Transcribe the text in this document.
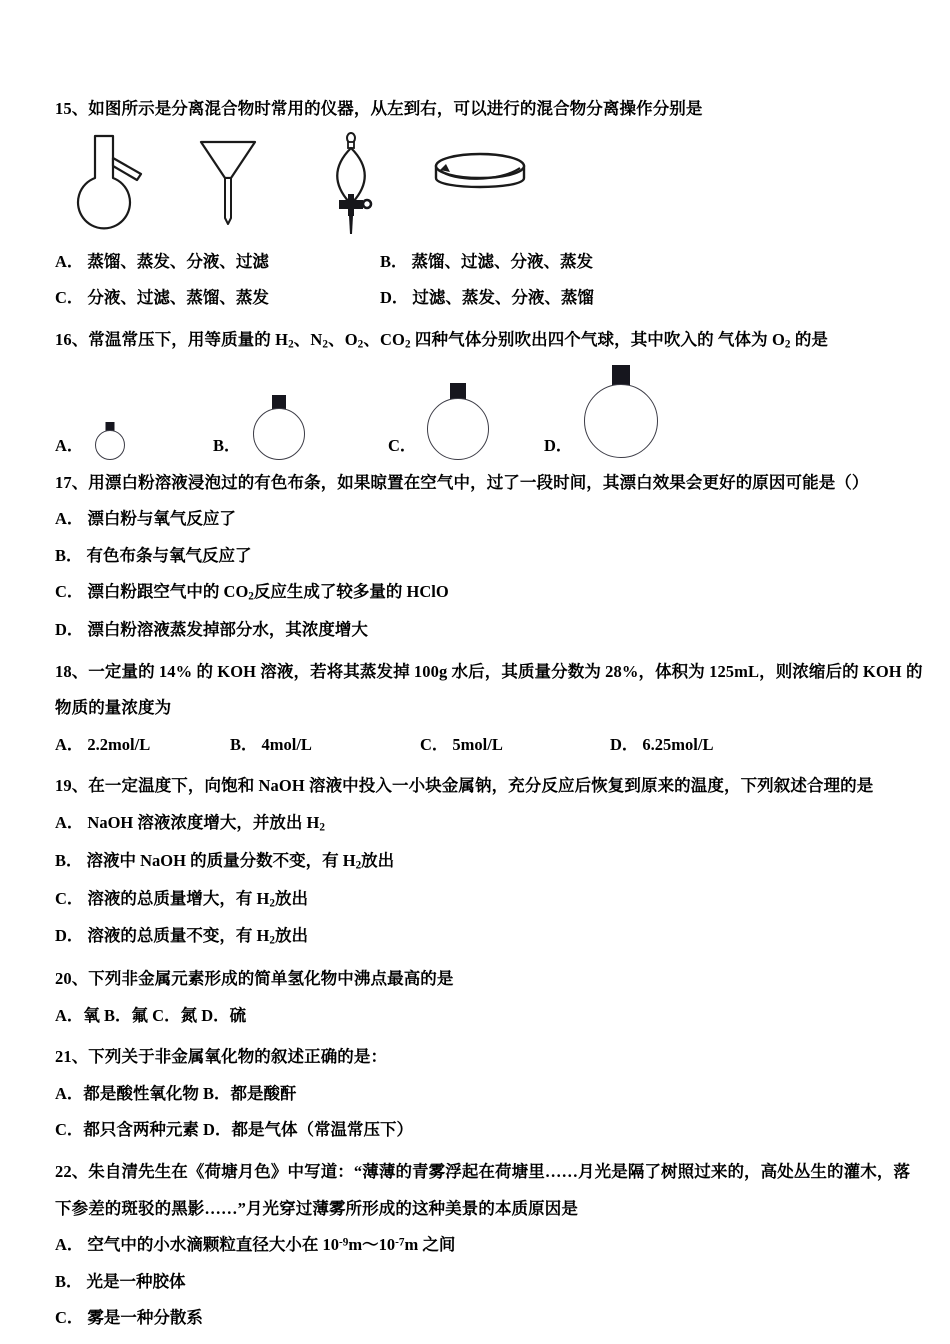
15、如图所示是分离混合物时常用的仪器，从左到右，可以进行的混合物分离操作分别是
A． 蒸馏、蒸发、分液、过滤	B． 蒸馏、过滤、分液、蒸发
C． 分液、过滤、蒸馏、蒸发	D． 过滤、蒸发、分液、蒸馏
16、常温常压下，用等质量的 $H_2$、$N_2$、$O_2$、$CO_2$ 四种气体分别吹出四个气球，其中吹入的 气体为 $O_2$ 的是
A．	B．	C．	D．
17、用漂白粉溶液浸泡过的有色布条，如果晾置在空气中，过了一段时间，其漂白效果会更好的原因可能是（）
A． 漂白粉与氧气反应了
B． 有色布条与氧气反应了
C． 漂白粉跟空气中的 $CO_2$反应生成了较多量的 HClO
D． 漂白粉溶液蒸发掉部分水，其浓度增大
18、一定量的 14% 的 KOH 溶液，若将其蒸发掉 100g 水后，其质量分数为 28%，体积为 125mL，则浓缩后的 KOH 的
物质的量浓度为
A． 2.2mol/L	B． 4mol/L	C． 5mol/L	D． 6.25mol/L
19、在一定温度下，向饱和 NaOH 溶液中投入一小块金属钠，充分反应后恢复到原来的温度，下列叙述合理的是
A． NaOH 溶液浓度增大，并放出 $H_2$
B． 溶液中 NaOH 的质量分数不变，有 $H_2$放出
C． 溶液的总质量增大，有 $H_2$放出
D． 溶液的总质量不变，有 $H_2$放出
20、下列非金属元素形成的简单氢化物中沸点最高的是
A．氧 B．氟 C．氮 D．硫
21、下列关于非金属氧化物的叙述正确的是：
A．都是酸性氧化物 B．都是酸酐
C．都只含两种元素 D．都是气体（常温常压下）
22、朱自清先生在《荷塘月色》中写道：“薄薄的青雾浮起在荷塘里……月光是隔了树照过来的，高处丛生的灌木，落
下参差的斑驳的黑影……”月光穿过薄雾所形成的这种美景的本质原因是
A． 空气中的小水滴颗粒直径大小在 $10^{-9}m\sim 10^{-7}m$ 之间
B． 光是一种胶体
C． 雾是一种分散系
